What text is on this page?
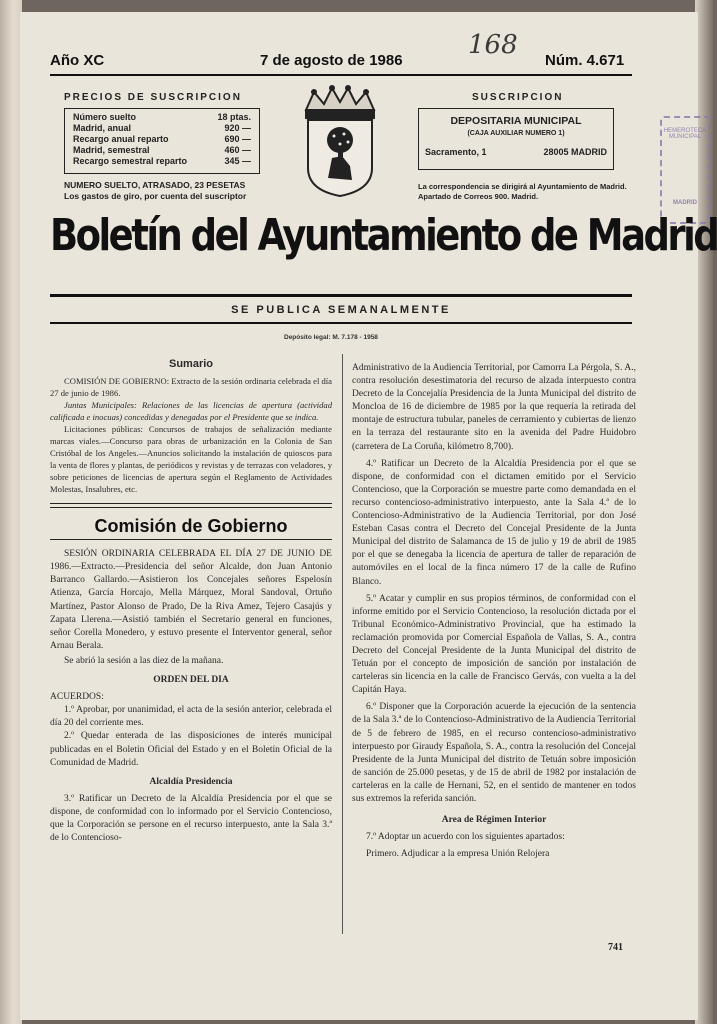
Año XC	7 de agosto de 1986	Núm. 4.671
168
PRECIOS DE SUSCRIPCION
Número suelto	18 ptas.
Madrid, anual	920 —
Recargo anual reparto	690 —
Madrid, semestral	460 —
Recargo semestral reparto	345 —
NUMERO SUELTO, ATRASADO, 23 PESETAS
Los gastos de giro, por cuenta del suscriptor
SUSCRIPCION
DEPOSITARIA MUNICIPAL
(CAJA AUXILIAR NUMERO 1)
Sacramento, 1	28005 MADRID
La correspondencia se dirigirá al Ayuntamiento de Madrid. Apartado de Correos 900. Madrid.
HEMEROTECA
MUNICIPAL
MADRID
Boletín del Ayuntamiento de Madrid
SE PUBLICA SEMANALMENTE
Depósito legal: M. 7.178 - 1958
Sumario

COMISIÓN DE GOBIERNO: Extracto de la sesión ordinaria celebrada el día 27 de junio de 1986.

Juntas Municipales: Relaciones de las licencias de apertura (actividad calificada e inocuas) concedidas y denegadas por el Presidente que se indica.

Licitaciones públicas: Concursos de trabajos de señalización mediante marcas viales.—Concurso para obras de urbanización en la Colonia de San Cristóbal de los Angeles.—Anuncios solicitando la instalación de quioscos para la venta de flores y plantas, de periódicos y revistas y de terrazas con veladores, y sobre peticiones de licencias de apertura según el Reglamento de Actividades Molestas, Insalubres, etc.

Comisión de Gobierno

SESIÓN ORDINARIA CELEBRADA EL DÍA 27 DE JUNIO DE 1986.—Extracto.—Presidencia del señor Alcalde, don Juan Antonio Barranco Gallardo.—Asistieron los Concejales señores Espelosín Atienza, García Horcajo, Mella Márquez, Moral Sandoval, Ortuño Martínez, Pastor Alonso de Prado, De la Riva Amez, Tejero Casajús y Zapata Llerena.—Asistió también el Secretario general en funciones, señor Corella Monedero, y estuvo presente el Interventor general, señor Arnau Berala.

Se abrió la sesión a las diez de la mañana.

ORDEN DEL DIA

ACUERDOS:

1.º Aprobar, por unanimidad, el acta de la sesión anterior, celebrada el día 20 del corriente mes.

2.º Quedar enterada de las disposiciones de interés municipal publicadas en el Boletín Oficial del Estado y en el Boletín Oficial de la Comunidad de Madrid.

Alcaldía Presidencia

3.º Ratificar un Decreto de la Alcaldía Presidencia por el que se dispone, de conformidad con lo informado por el Servicio Contencioso, que la Corporación se persone en el recurso interpuesto, ante la Sala 3.ª de lo Contencioso-

Administrativo de la Audiencia Territorial, por Camorra La Pérgola, S. A., contra resolución desestimatoria del recurso de alzada interpuesto contra Decreto de la Concejalía Presidencia de la Junta Municipal del distrito de Moncloa de 16 de diciembre de 1985 por la que requería la retirada del montaje de estructura tubular, paneles de cerramiento y cubiertas de lienzo en la terraza del restaurante sito en la avenida del Padre Huidobro (carretera de La Coruña, kilómetro 8,700).

4.º Ratificar un Decreto de la Alcaldía Presidencia por el que se dispone, de conformidad con el dictamen emitido por el Servicio Contencioso, que la Corporación se muestre parte como demandada en el recurso contencioso-administrativo interpuesto, ante la Sala 4.ª de lo Contencioso-Administrativo de la Audiencia Territorial, por don José Esteban Casas contra el Decreto del Concejal Presidente de la Junta Municipal del distrito de Salamanca de 15 de julio y 19 de abril de 1985 por el que se denegaba la licencia de apertura de taller de reparación de automóviles en el local de la finca número 17 de la calle de Rufino Blanco.

5.º Acatar y cumplir en sus propios términos, de conformidad con el informe emitido por el Servicio Contencioso, la resolución dictada por el Tribunal Económico-Administrativo Provincial, que ha estimado la reclamación promovida por Comercial Española de Vallas, S. A., contra Decreto del Concejal Presidente de la Junta Municipal del distrito de Tetuán por el concepto de imposición de sanción por instalación de carteleras sin licencia en la calle de Francisco Gervás, con vuelta a la del Capitán Haya.

6.º Disponer que la Corporación acuerde la ejecución de la sentencia de la Sala 3.ª de lo Contencioso-Administrativo de la Audiencia Territorial de 5 de febrero de 1985, en el recurso contencioso-administrativo interpuesto por Giraudy Española, S. A., contra la resolución del Concejal Presidente de la Junta Municipal del distrito de Tetuán sobre imposición de sanción de 25.000 pesetas, y de 15 de abril de 1982 por instalación de carteleras en la calle de Hernani, 52, en el sentido de mantener en todos sus extremos la referida sanción.

Area de Régimen Interior

7.º Adoptar un acuerdo con los siguientes apartados:

Primero. Adjudicar a la empresa Unión Relojera

741
